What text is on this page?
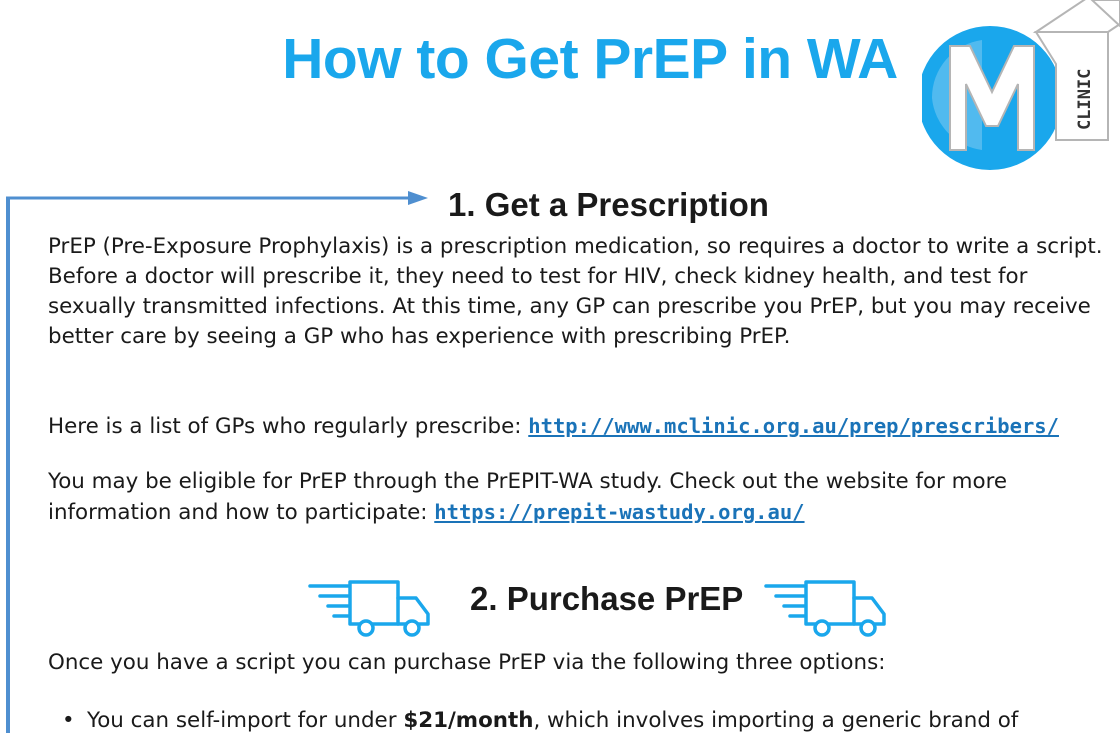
How to Get PrEP in WA
CLINIC
1. Get a Prescription

PrEP (Pre-Exposure Prophylaxis) is a prescription medication, so requires a doctor to write a script. Before a doctor will prescribe it, they need to test for HIV, check kidney health, and test for sexually transmitted infections. At this time, any GP can prescribe you PrEP, but you may receive better care by seeing a GP who has experience with prescribing PrEP.

Here is a list of GPs who regularly prescribe: http://www.mclinic.org.au/prep/prescribers/

You may be eligible for PrEP through the PrEPIT-WA study. Check out the website for more information and how to participate: https://prepit-wastudy.org.au/

2. Purchase PrEP

Once you have a script you can purchase PrEP via the following three options:

• You can self-import for under $21/month, which involves importing a generic brand of
